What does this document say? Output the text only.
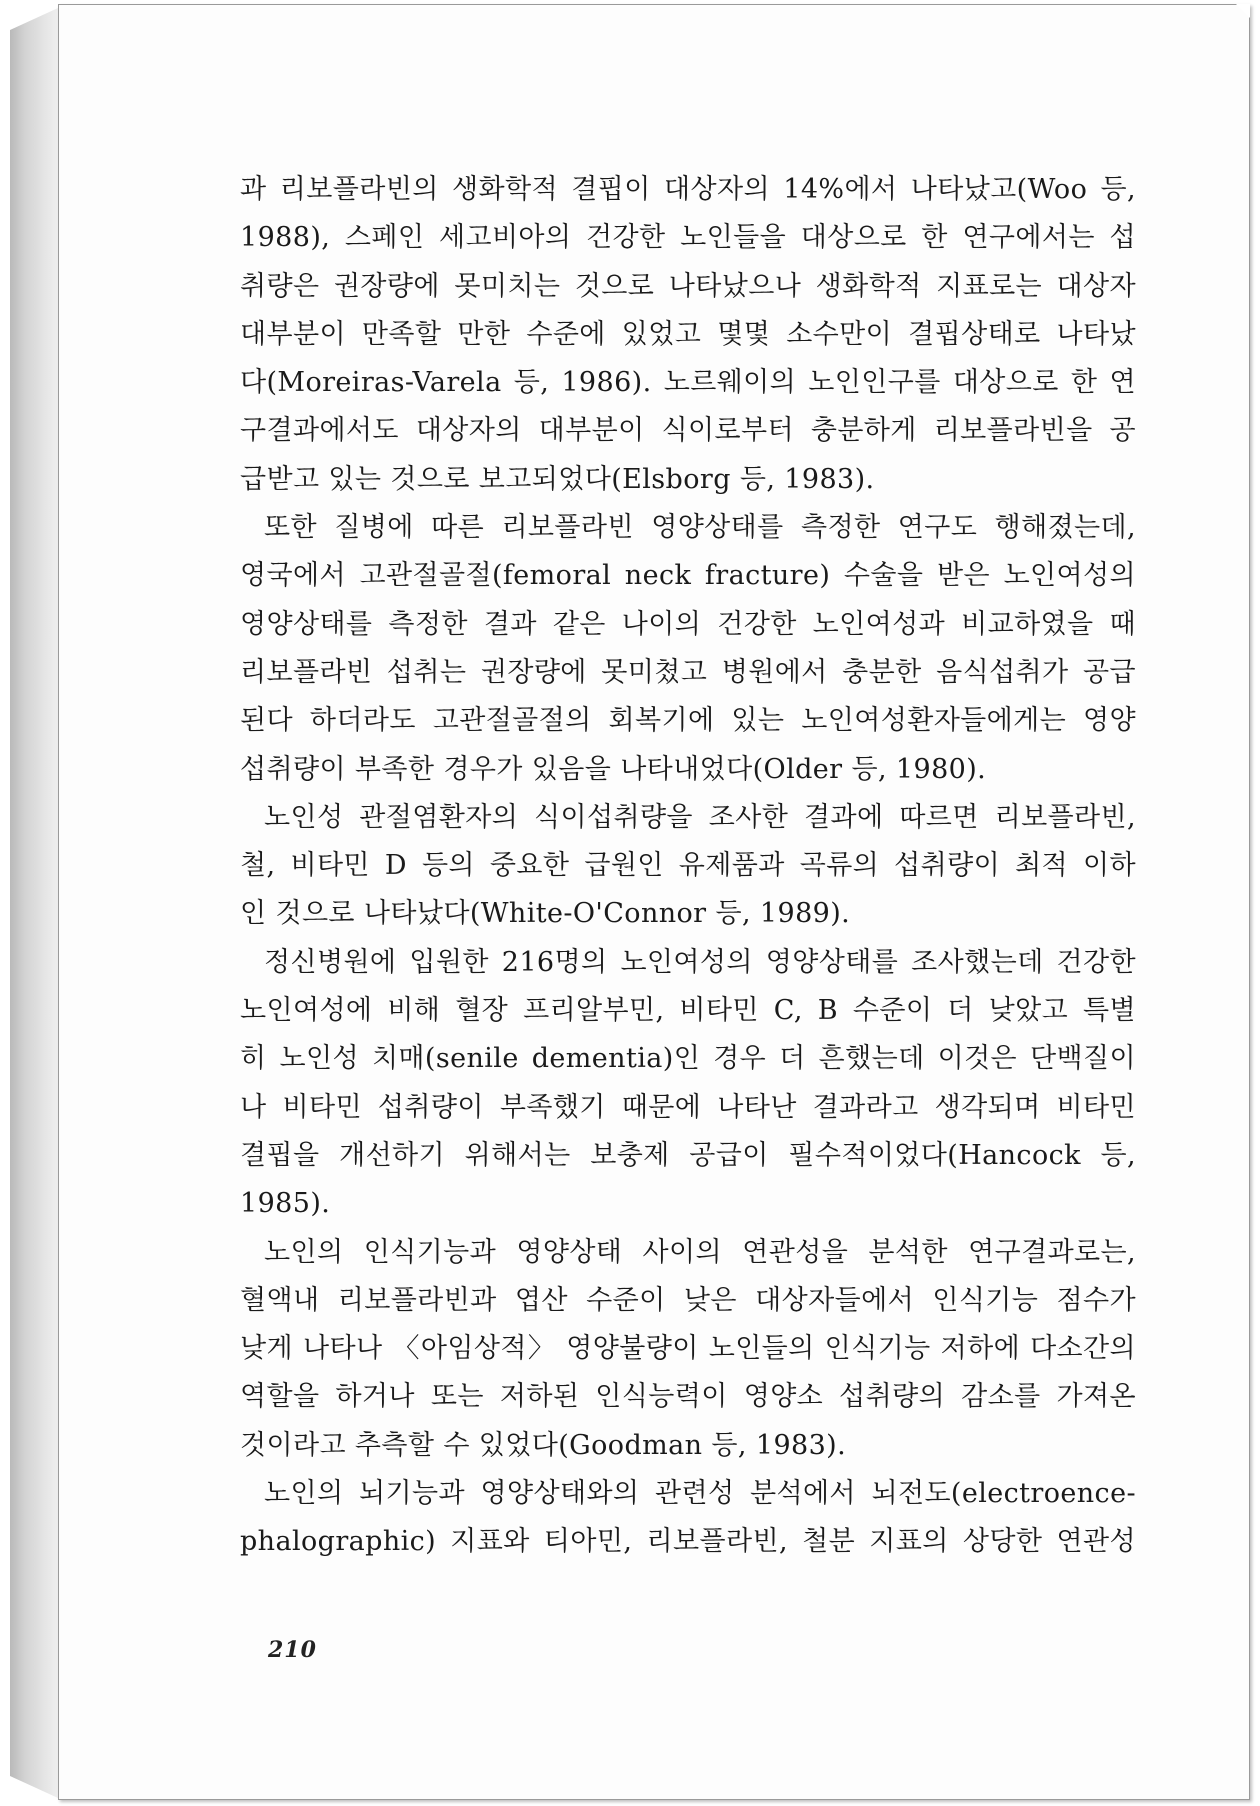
과 리보플라빈의 생화학적 결핍이 대상자의 14%에서 나타났고(Woo 등,
1988), 스페인 세고비아의 건강한 노인들을 대상으로 한 연구에서는 섭
취량은 권장량에 못미치는 것으로 나타났으나 생화학적 지표로는 대상자
대부분이 만족할 만한 수준에 있었고 몇몇 소수만이 결핍상태로 나타났
다(Moreiras-Varela 등, 1986). 노르웨이의 노인인구를 대상으로 한 연
구결과에서도 대상자의 대부분이 식이로부터 충분하게 리보플라빈을 공
급받고 있는 것으로 보고되었다(Elsborg 등, 1983).
또한 질병에 따른 리보플라빈 영양상태를 측정한 연구도 행해졌는데,
영국에서 고관절골절(femoral neck fracture) 수술을 받은 노인여성의
영양상태를 측정한 결과 같은 나이의 건강한 노인여성과 비교하였을 때
리보플라빈 섭취는 권장량에 못미쳤고 병원에서 충분한 음식섭취가 공급
된다 하더라도 고관절골절의 회복기에 있는 노인여성환자들에게는 영양
섭취량이 부족한 경우가 있음을 나타내었다(Older 등, 1980).
노인성 관절염환자의 식이섭취량을 조사한 결과에 따르면 리보플라빈,
철, 비타민 D 등의 중요한 급원인 유제품과 곡류의 섭취량이 최적 이하
인 것으로 나타났다(White-O'Connor 등, 1989).
정신병원에 입원한 216명의 노인여성의 영양상태를 조사했는데 건강한
노인여성에 비해 혈장 프리알부민, 비타민 C, B 수준이 더 낮았고 특별
히 노인성 치매(senile dementia)인 경우 더 흔했는데 이것은 단백질이
나 비타민 섭취량이 부족했기 때문에 나타난 결과라고 생각되며 비타민
결핍을 개선하기 위해서는 보충제 공급이 필수적이었다(Hancock 등,
1985).
노인의 인식기능과 영양상태 사이의 연관성을 분석한 연구결과로는,
혈액내 리보플라빈과 엽산 수준이 낮은 대상자들에서 인식기능 점수가
낮게 나타나 〈아임상적〉 영양불량이 노인들의 인식기능 저하에 다소간의
역할을 하거나 또는 저하된 인식능력이 영양소 섭취량의 감소를 가져온
것이라고 추측할 수 있었다(Goodman 등, 1983).
노인의 뇌기능과 영양상태와의 관련성 분석에서 뇌전도(electroence-
phalographic) 지표와 티아민, 리보플라빈, 철분 지표의 상당한 연관성
210
